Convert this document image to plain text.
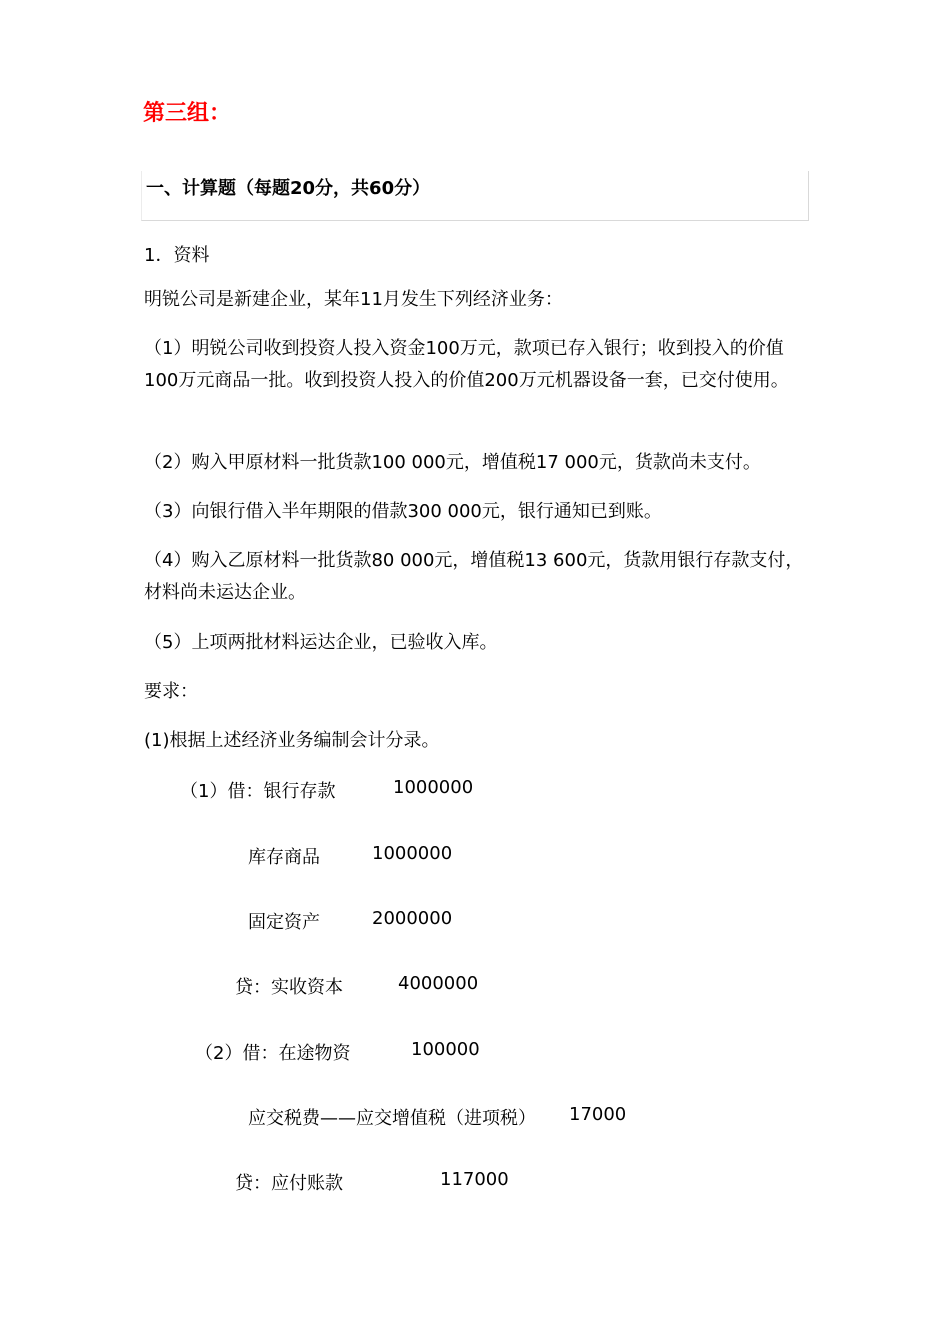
第三组：
一、计算题（每题20分，共60分）
1．资料
明锐公司是新建企业，某年11月发生下列经济业务：
（1）明锐公司收到投资人投入资金100万元，款项已存入银行；收到投入的价值100万元商品一批。收到投资人投入的价值200万元机器设备一套，已交付使用。
（2）购入甲原材料一批货款100 000元，增值税17 000元，货款尚未支付。
（3）向银行借入半年期限的借款300 000元，银行通知已到账。
（4）购入乙原材料一批货款80 000元，增值税13 600元，货款用银行存款支付，材料尚未运达企业。
（5）上项两批材料运达企业，已验收入库。
要求：
(1)根据上述经济业务编制会计分录。
（1）借：银行存款	1000000
库存商品	1000000
固定资产	2000000
贷：实收资本	4000000
（2）借：在途物资	100000
应交税费——应交增值税（进项税） 17000
贷：应付账款	117000
